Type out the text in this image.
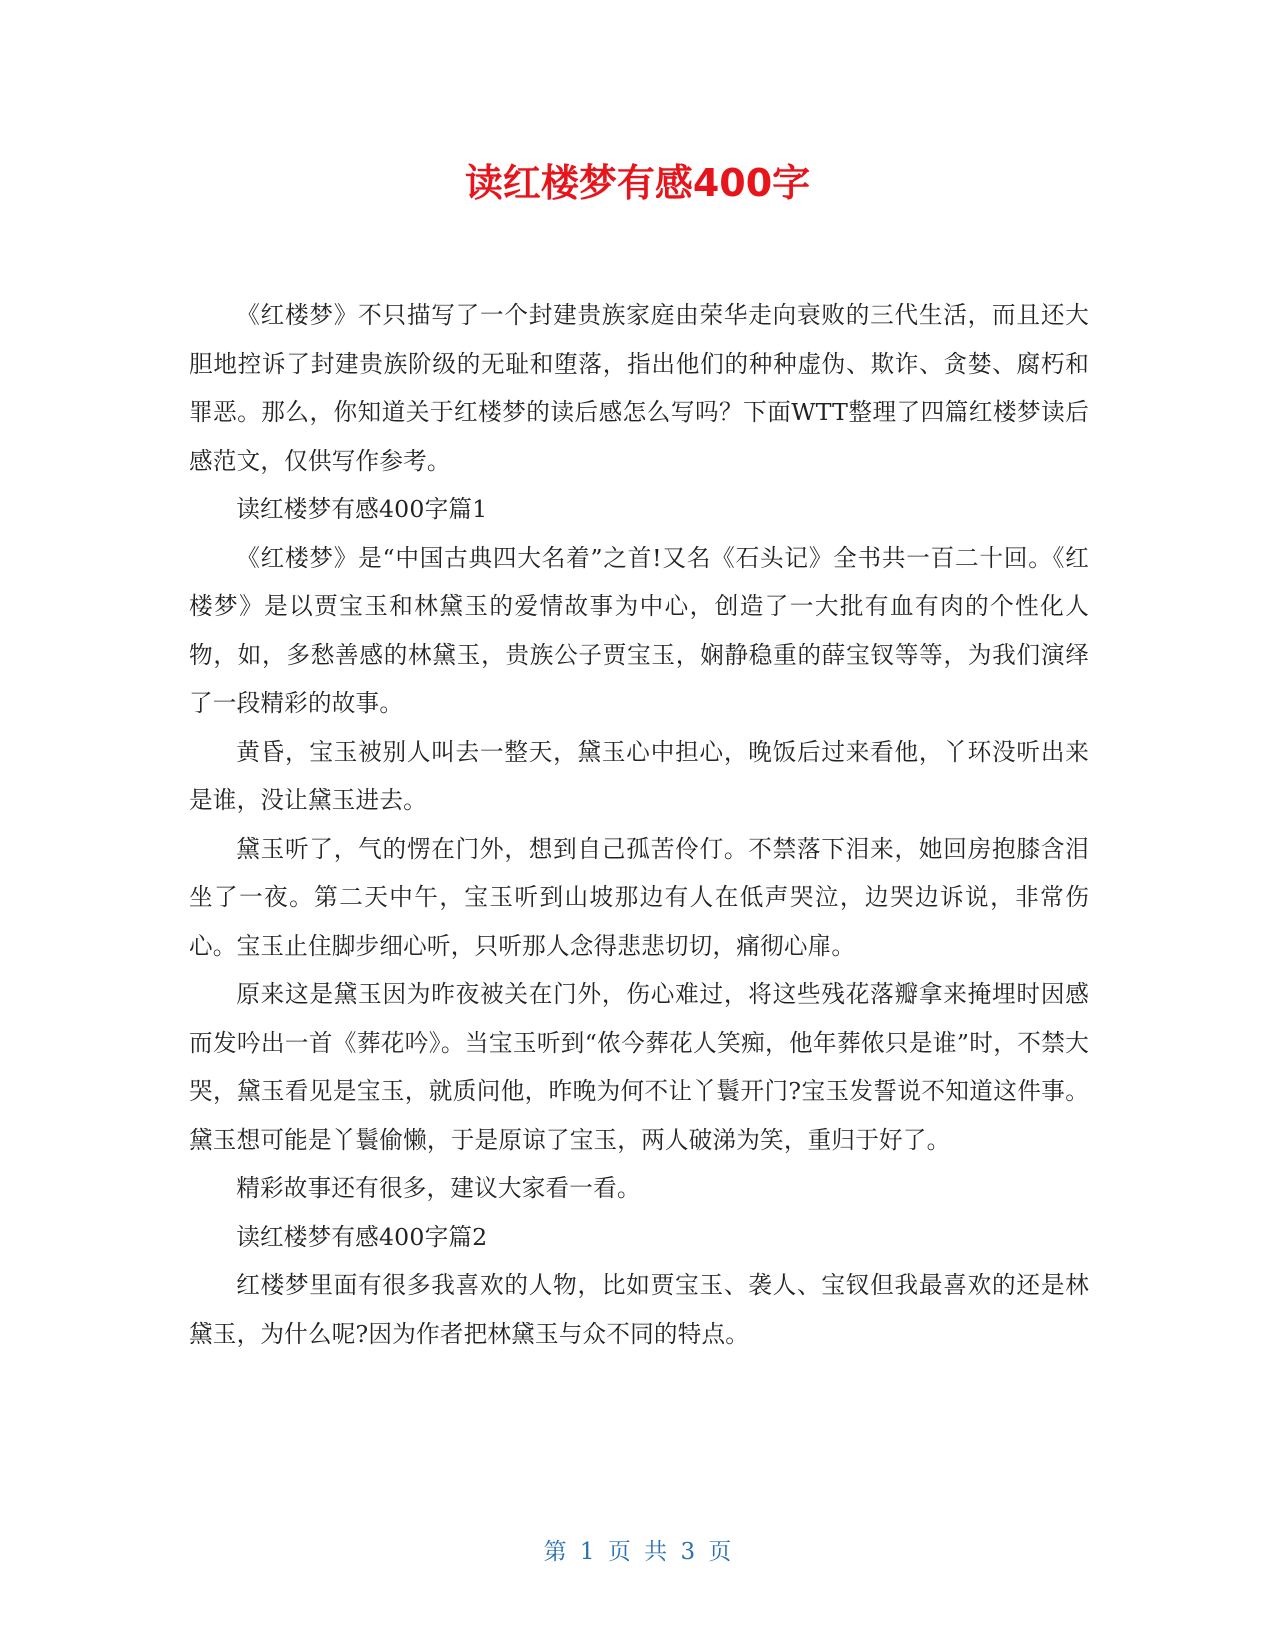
读红楼梦有感400字

《红楼梦》不只描写了一个封建贵族家庭由荣华走向衰败的三代生活，而且还大胆地控诉了封建贵族阶级的无耻和堕落，指出他们的种种虚伪、欺诈、贪婪、腐朽和罪恶。那么，你知道关于红楼梦的读后感怎么写吗？下面WTT整理了四篇红楼梦读后感范文，仅供写作参考。

读红楼梦有感400字篇1

《红楼梦》是“中国古典四大名着”之首!又名《石头记》全书共一百二十回。《红楼梦》是以贾宝玉和林黛玉的爱情故事为中心，创造了一大批有血有肉的个性化人物，如，多愁善感的林黛玉，贵族公子贾宝玉，娴静稳重的薛宝钗等等，为我们演绎了一段精彩的故事。

黄昏，宝玉被别人叫去一整天，黛玉心中担心，晚饭后过来看他，丫环没听出来是谁，没让黛玉进去。

黛玉听了，气的愣在门外，想到自己孤苦伶仃。不禁落下泪来，她回房抱膝含泪坐了一夜。第二天中午，宝玉听到山坡那边有人在低声哭泣，边哭边诉说，非常伤心。宝玉止住脚步细心听，只听那人念得悲悲切切，痛彻心扉。

原来这是黛玉因为昨夜被关在门外，伤心难过，将这些残花落瓣拿来掩埋时因感而发吟出一首《葬花吟》。当宝玉听到“侬今葬花人笑痴，他年葬侬只是谁”时，不禁大哭，黛玉看见是宝玉，就质问他，昨晚为何不让丫鬟开门?宝玉发誓说不知道这件事。黛玉想可能是丫鬟偷懒，于是原谅了宝玉，两人破涕为笑，重归于好了。

精彩故事还有很多，建议大家看一看。

读红楼梦有感400字篇2

红楼梦里面有很多我喜欢的人物，比如贾宝玉、袭人、宝钗但我最喜欢的还是林黛玉，为什么呢?因为作者把林黛玉与众不同的特点。

第 1 页 共 3 页
